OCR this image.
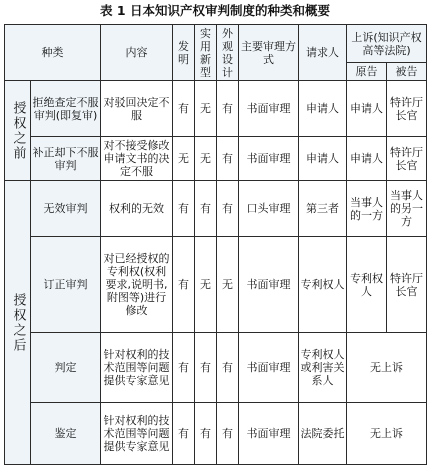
表 1 日本知识产权审判制度的种类和概要
种类		内容	发明	实用新型	外观设计	主要审理方式	请求人	上诉(知识产权高等法院)	
								原告	被告
授权之前	拒绝查定不服审判(即复审)	对驳回决定不服	有	无	有	书面审理	申请人	申请人	特许厅长官
	补正却下不服审判	对不接受修改申请文书的决定不服	无	无	有	书面审理	申请人	申请人	特许厅长官
授权之后	无效审判	权利的无效	有	有	有	口头审理	第三者	当事人的一方	当事人的另一方
	订正审判	对已经授权的专利权(权利要求,说明书,附图等)进行修改	有	无	无	书面审理	专利权人	专利权人	特许厅长官
	判定	针对权利的技术范围等问题提供专家意见	有	有	有	书面审理	专利权人或利害关系人	无上诉	
	鉴定	针对权利的技术范围等问题提供专家意见	有	有	有	书面审理	法院委托	无上诉	
